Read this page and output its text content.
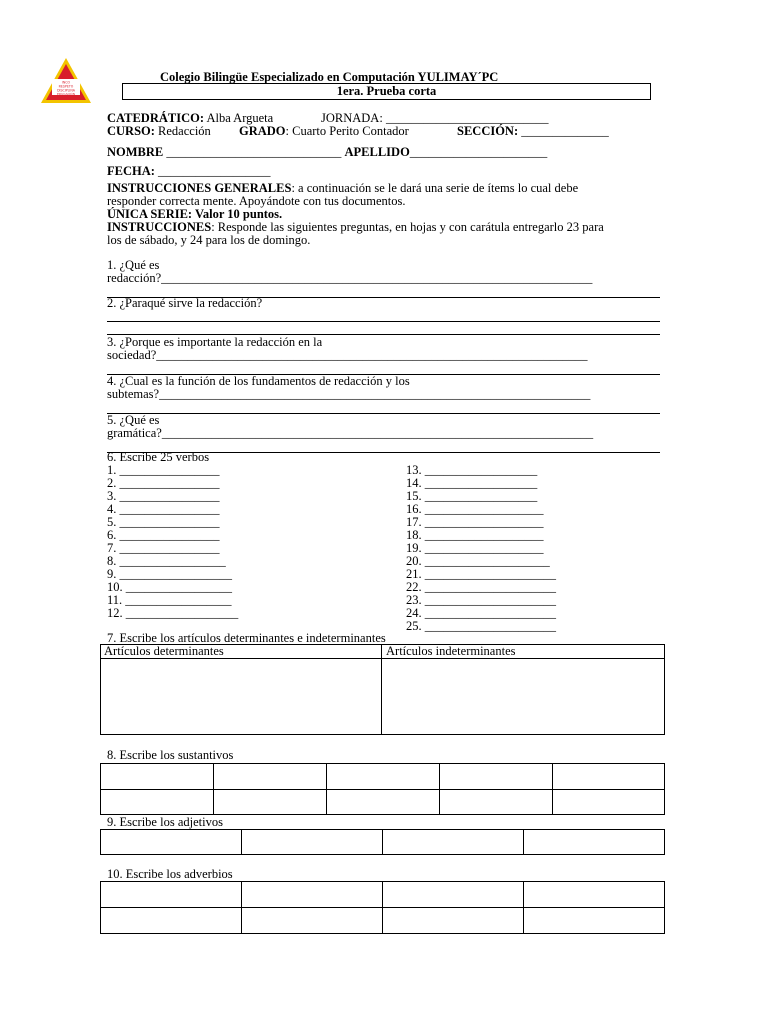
INCO
RESPETO
DISCIPLINA
EDUCACIÓN
Colegio Bilingüe Especializado en Computación YULIMAY´PC
1era. Prueba corta
CATEDRÁTICO: Alba Argueta	JORNADA: __________________________
CURSO: Redacción GRADO: Cuarto Perito Contador	SECCIÓN: ______________
NOMBRE ____________________________ APELLIDO______________________
FECHA: __________________
INSTRUCCIONES GENERALES: a continuación se le dará una serie de ítems lo cual debe
responder correcta mente. Apoyándote con tus documentos.
ÚNICA SERIE: Valor 10 puntos.
INSTRUCCIONES: Responde las siguientes preguntas, en hojas y con carátula entregarlo 23 para
los de sábado, y 24 para los de domingo.
1. ¿Qué es
redacción?_____________________________________________________________________
2. ¿Paraqué sirve la redacción?
3. ¿Porque es importante la redacción en la
sociedad?_____________________________________________________________________
4. ¿Cual es la función de los fundamentos de redacción y los
subtemas?_____________________________________________________________________
5. ¿Qué es
gramática?_____________________________________________________________________
6. Escribe 25 verbos
1. ________________
2. ________________
3. ________________
4. ________________
5. ________________
6. ________________
7. ________________
8. _________________
9. __________________
10. _________________
11. _________________
12. __________________
13. __________________
14. __________________
15. __________________
16. ___________________
17. ___________________
18. ___________________
19. ___________________
20. ____________________
21. _____________________
22. _____________________
23. _____________________
24. _____________________
25. _____________________
7. Escribe los artículos determinantes e indeterminantes
Artículos determinantes	Artículos indeterminantes
8. Escribe los sustantivos
9. Escribe los adjetivos
10. Escribe los adverbios
